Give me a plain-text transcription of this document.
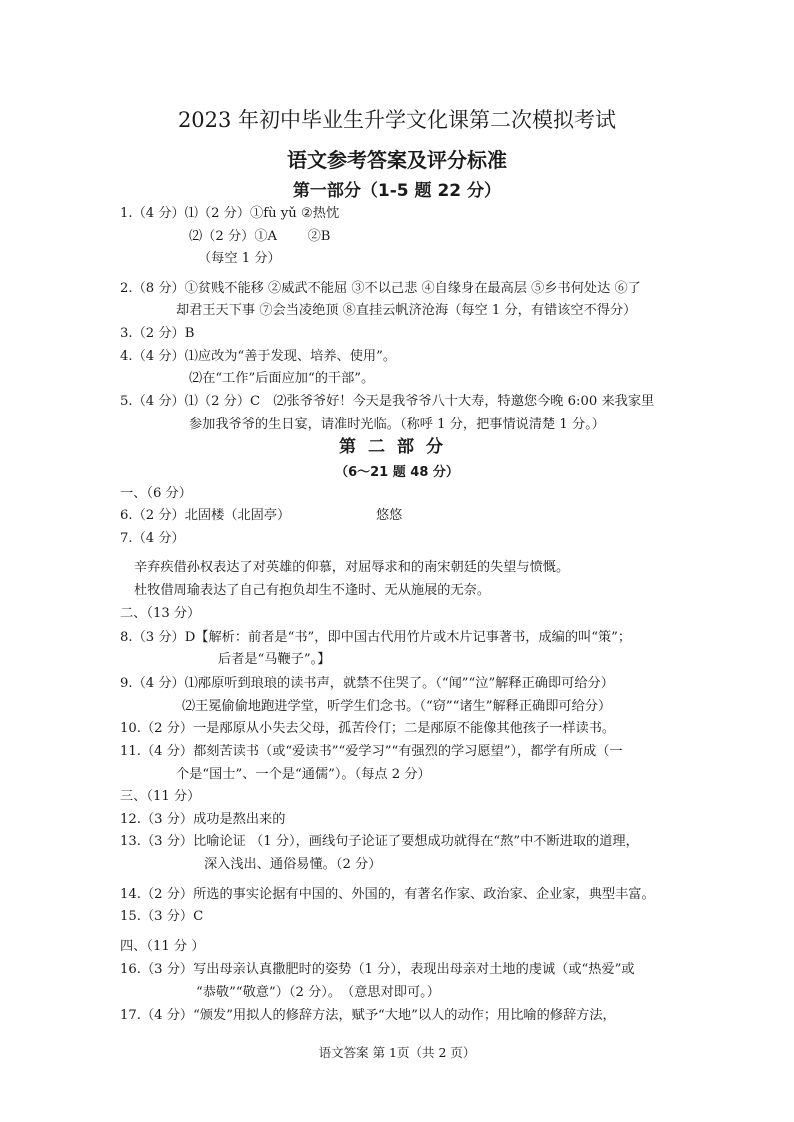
2023 年初中毕业生升学文化课第二次模拟考试
语文参考答案及评分标准
第一部分（1-5 题 22 分）
1.（4 分）⑴（2 分）①fù yǔ ②热忱
⑵（2 分）①A　　 ②B
（每空 1 分）
2.（8 分）①贫贱不能移 ②威武不能屈 ③不以己悲 ④自缘身在最高层 ⑤乡书何处达 ⑥了
却君王天下事 ⑦会当凌绝顶 ⑧直挂云帆济沧海（每空 1 分，有错该空不得分）
3.（2 分）B
4.（4 分）⑴应改为“善于发现、培养、使用”。
⑵在“工作”后面应加“的干部”。
5.（4 分）⑴（2 分）C　⑵张爷爷好！今天是我爷爷八十大寿，特邀您今晚 6:00 来我家里
参加我爷爷的生日宴，请准时光临。（称呼 1 分，把事情说清楚 1 分。）
第二部分
（6～21 题 48 分）
一、（6 分）
6.（2 分）北固楼（北固亭）　　　　　　　悠悠
7.（4 分）
辛弃疾借孙权表达了对英雄的仰慕，对屈辱求和的南宋朝廷的失望与愤慨。
杜牧借周瑜表达了自己有抱负却生不逢时、无从施展的无奈。
二、（13 分）
8.（3 分）D【解析：前者是“书”，即中国古代用竹片或木片记事著书，成编的叫“策”；
后者是“马鞭子”。】
9.（4 分）⑴邴原听到琅琅的读书声，就禁不住哭了。（“闻”“泣”解释正确即可给分）
⑵王冕偷偷地跑进学堂，听学生们念书。（“窃”“诸生”解释正确即可给分）
10.（2 分）一是邴原从小失去父母，孤苦伶仃；二是邴原不能像其他孩子一样读书。
11.（4 分）都刻苦读书（或“爱读书”“爱学习”“有强烈的学习愿望”），都学有所成（一
个是“国士”、一个是“通儒”）。（每点 2 分）
三、（11 分）
12.（3 分）成功是熬出来的
13.（3 分）比喻论证 （1 分），画线句子论证了要想成功就得在“熬”中不断进取的道理，
深入浅出、通俗易懂。（2 分）
14.（2 分）所选的事实论据有中国的、外国的，有著名作家、政治家、企业家，典型丰富。
15.（3 分）C
四、（11 分 ）
16.（3 分）写出母亲认真撒肥时的姿势（1 分），表现出母亲对土地的虔诚（或“热爱”或
“恭敬”“敬意”）（2 分）。　（意思对即可。）
17.（4 分）“颁发”用拟人的修辞方法，赋予“大地”以人的动作；用比喻的修辞方法，
语文答案 第 1页（共 2 页）
